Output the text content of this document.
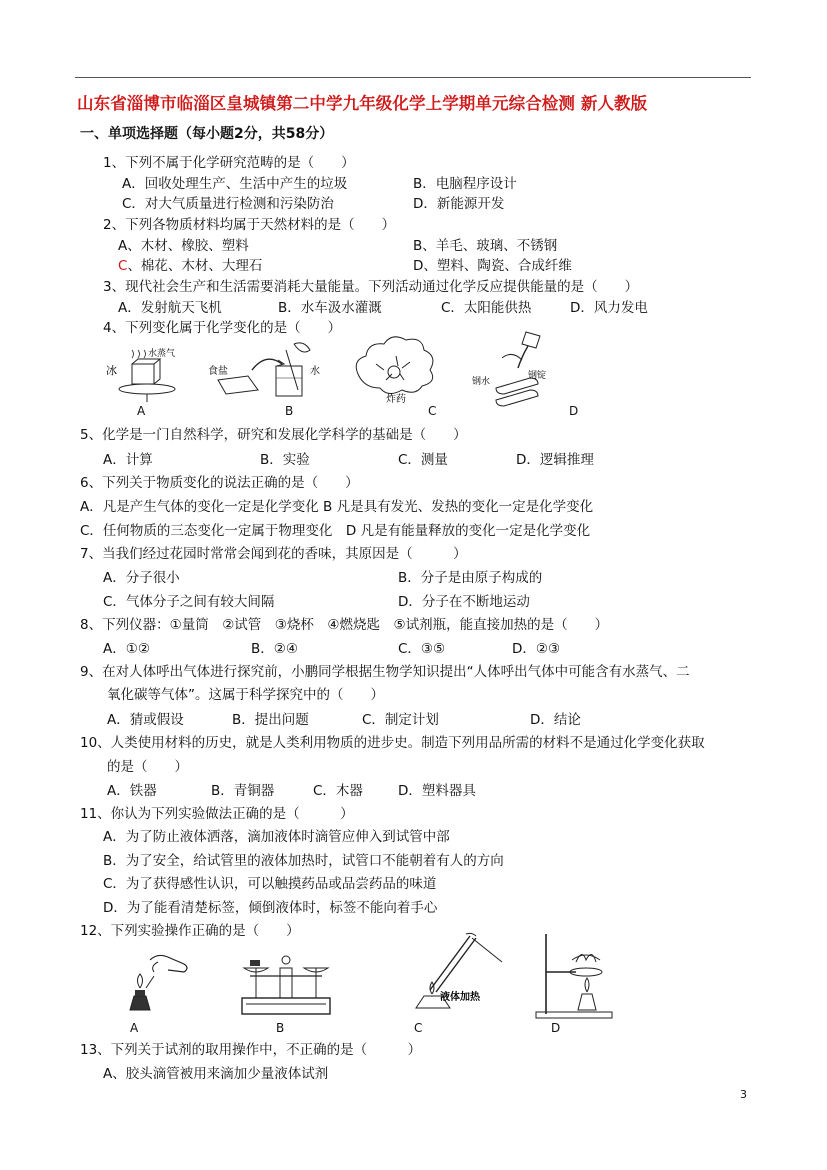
山东省淄博市临淄区皇城镇第二中学九年级化学上学期单元综合检测 新人教版
一、单项选择题（每小题2分，共58分）
1、下列不属于化学研究范畴的是（　　）
A．回收处理生产、生活中产生的垃圾	B．电脑程序设计
C．对大气质量进行检测和污染防治	D．新能源开发
2、下列各物质材料均属于天然材料的是（　　）
A、木材、橡胶、塑料	B、羊毛、玻璃、不锈钢
C、棉花、木材、大理石	D、塑料、陶瓷、合成纤维
3、现代社会生产和生活需要消耗大量能量。下列活动通过化学反应提供能量的是（　　）
A．发射航天飞机	B．水车汲水灌溉	C．太阳能供热	D．风力发电
4、下列变化属于化学变化的是（　　）
冰
水蒸气
食盐	水
炸药
钢水
钢锭
A	B	C	D
5、化学是一门自然科学，研究和发展化学科学的基础是（　　）
A．计算	B．实验	C．测量	D．逻辑推理
6、下列关于物质变化的说法正确的是（　　）
A．凡是产生气体的变化一定是化学变化 B 凡是具有发光、发热的变化一定是化学变化
C．任何物质的三态变化一定属于物理变化　D 凡是有能量释放的变化一定是化学变化
7、当我们经过花园时常常会闻到花的香味，其原因是（　　　）
A．分子很小	B．分子是由原子构成的
C．气体分子之间有较大间隔	D．分子在不断地运动
8、下列仪器：①量筒　②试管　③烧杯　④燃烧匙　⑤试剂瓶，能直接加热的是（　　）
A．①②	B．②④	C．③⑤	D．②③
9、在对人体呼出气体进行探究前，小鹏同学根据生物学知识提出“人体呼出气体中可能含有水蒸气、二
氧化碳等气体”。这属于科学探究中的（　　）
A．猜或假设	B．提出问题	C．制定计划	D．结论
10、人类使用材料的历史，就是人类利用物质的进步史。制造下列用品所需的材料不是通过化学变化获取
的是（　　）
A．铁器	B．青铜器	C．木器	D．塑料器具
11、你认为下列实验做法正确的是（　　　）
A．为了防止液体洒落，滴加液体时滴管应伸入到试管中部
B．为了安全，给试管里的液体加热时，试管口不能朝着有人的方向
C．为了获得感性认识，可以触摸药品或品尝药品的味道
D．为了能看清楚标签，倾倒液体时，标签不能向着手心
12、下列实验操作正确的是（　　）
液体加热
A	B	C	D
13、下列关于试剂的取用操作中，不正确的是（　　　）
A、胶头滴管被用来滴加少量液体试剂
3
